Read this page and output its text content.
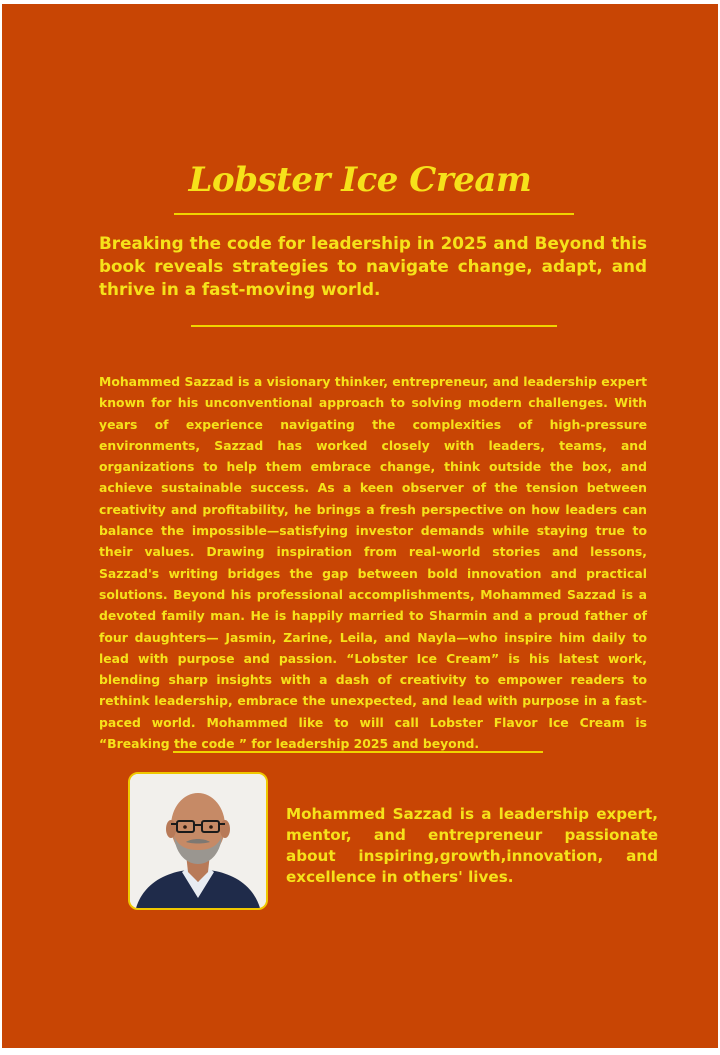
Lobster Ice Cream

Breaking the code for leadership in 2025 and Beyond this book reveals strategies to navigate change, adapt, and thrive in a fast-moving world.

Mohammed Sazzad is a visionary thinker, entrepreneur, and leadership expert known for his unconventional approach to solving modern challenges. With years of experience navigating the complexities of high-pressure environments, Sazzad has worked closely with leaders, teams, and organizations to help them embrace change, think outside the box, and achieve sustainable success. As a keen observer of the tension between creativity and profitability, he brings a fresh perspective on how leaders can balance the impossible—satisfying investor demands while staying true to their values. Drawing inspiration from real-world stories and lessons, Sazzad's writing bridges the gap between bold innovation and practical solutions. Beyond his professional accomplishments, Mohammed Sazzad is a devoted family man. He is happily married to Sharmin and a proud father of four daughters— Jasmin, Zarine, Leila, and Nayla—who inspire him daily to lead with purpose and passion. “Lobster Ice Cream” is his latest work, blending sharp insights with a dash of creativity to empower readers to rethink leadership, embrace the unexpected, and lead with purpose in a fast-paced world. Mohammed like to will call Lobster Flavor Ice Cream is “Breaking the code ” for leadership 2025 and beyond.

Mohammed Sazzad is a leadership expert, mentor, and entrepreneur passionate about inspiring,growth,innovation, and excellence in others' lives.
